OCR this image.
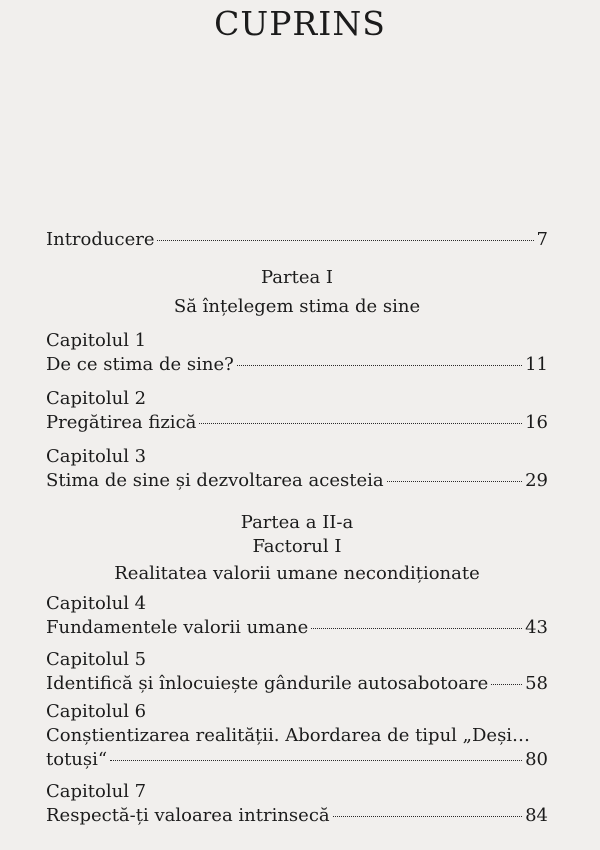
CUPRINS
Introducere	7
Partea I
Să înțelegem stima de sine
Capitolul 1
De ce stima de sine?	11
Capitolul 2
Pregătirea fizică	16
Capitolul 3
Stima de sine și dezvoltarea acesteia	29
Partea a II-a
Factorul I
Realitatea valorii umane necondiționate
Capitolul 4
Fundamentele valorii umane	43
Capitolul 5
Identifică și înlocuiește gândurile autosabotoare 58
Capitolul 6
Conștientizarea realității. Abordarea de tipul „Deși…
totuși“	80
Capitolul 7
Respectă-ți valoarea intrinsecă	84
